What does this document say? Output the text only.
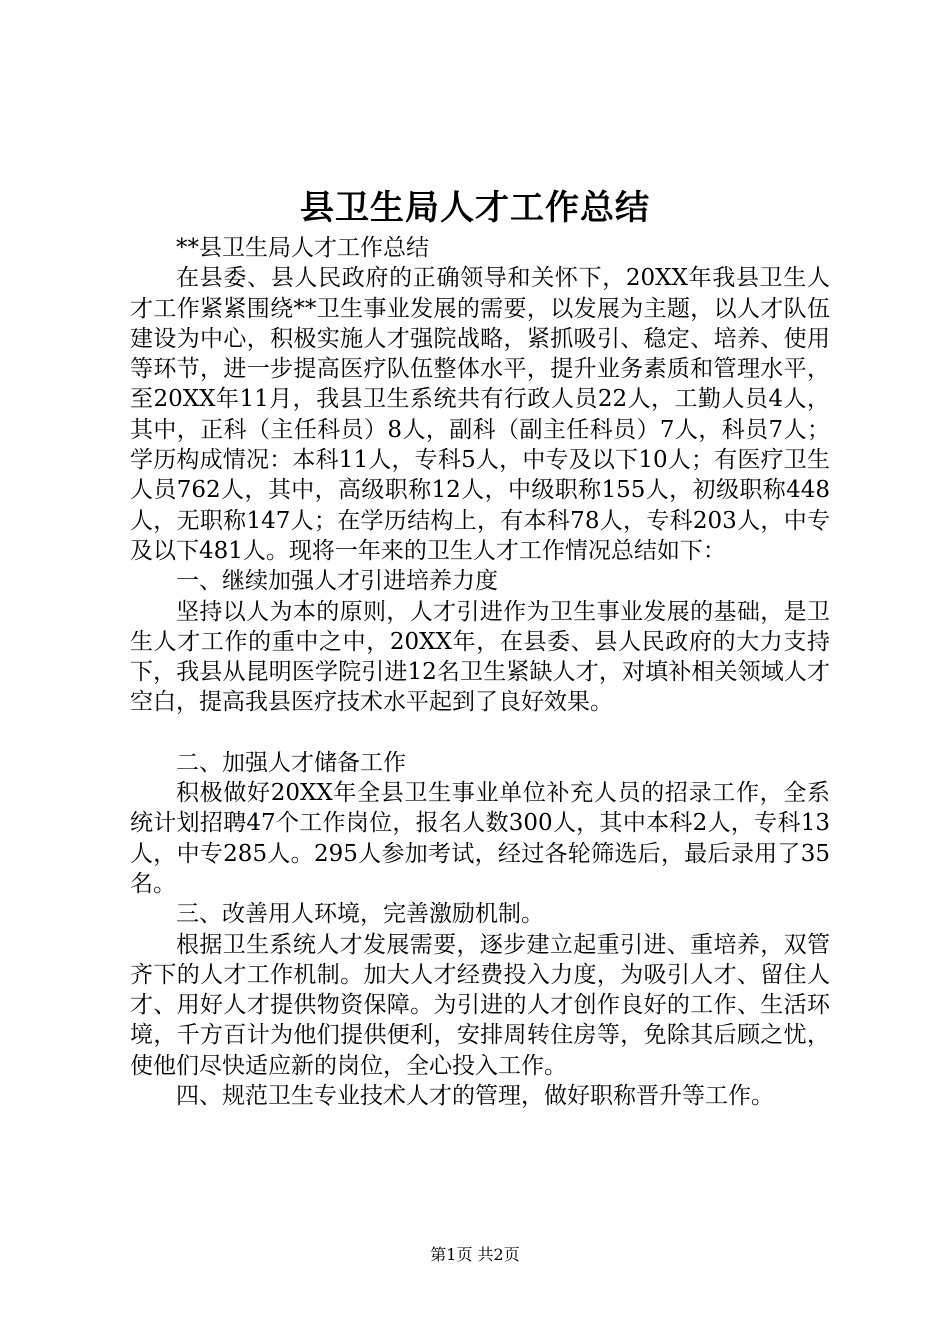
县卫生局人才工作总结

**县卫生局人才工作总结

在县委、县人民政府的正确领导和关怀下，20XX年我县卫生人才工作紧紧围绕**卫生事业发展的需要，以发展为主题，以人才队伍建设为中心，积极实施人才强院战略，紧抓吸引、稳定、培养、使用等环节，进一步提高医疗队伍整体水平，提升业务素质和管理水平，至20XX年11月，我县卫生系统共有行政人员22人，工勤人员4人，其中，正科（主任科员）8人，副科（副主任科员）7人，科员7人；学历构成情况：本科11人，专科5人，中专及以下10人；有医疗卫生人员762人，其中，高级职称12人，中级职称155人，初级职称448人，无职称147人；在学历结构上，有本科78人，专科203人，中专及以下481人。现将一年来的卫生人才工作情况总结如下：

一、继续加强人才引进培养力度

坚持以人为本的原则，人才引进作为卫生事业发展的基础，是卫生人才工作的重中之中，20XX年，在县委、县人民政府的大力支持下，我县从昆明医学院引进12名卫生紧缺人才，对填补相关领域人才空白，提高我县医疗技术水平起到了良好效果。

二、加强人才储备工作

积极做好20XX年全县卫生事业单位补充人员的招录工作，全系统计划招聘47个工作岗位，报名人数300人，其中本科2人，专科13人，中专285人。295人参加考试，经过各轮筛选后，最后录用了35名。

三、改善用人环境，完善激励机制。

根据卫生系统人才发展需要，逐步建立起重引进、重培养，双管齐下的人才工作机制。加大人才经费投入力度，为吸引人才、留住人才、用好人才提供物资保障。为引进的人才创作良好的工作、生活环境，千方百计为他们提供便利，安排周转住房等，免除其后顾之忧，使他们尽快适应新的岗位，全心投入工作。

四、规范卫生专业技术人才的管理，做好职称晋升等工作。

第1页 共2页
